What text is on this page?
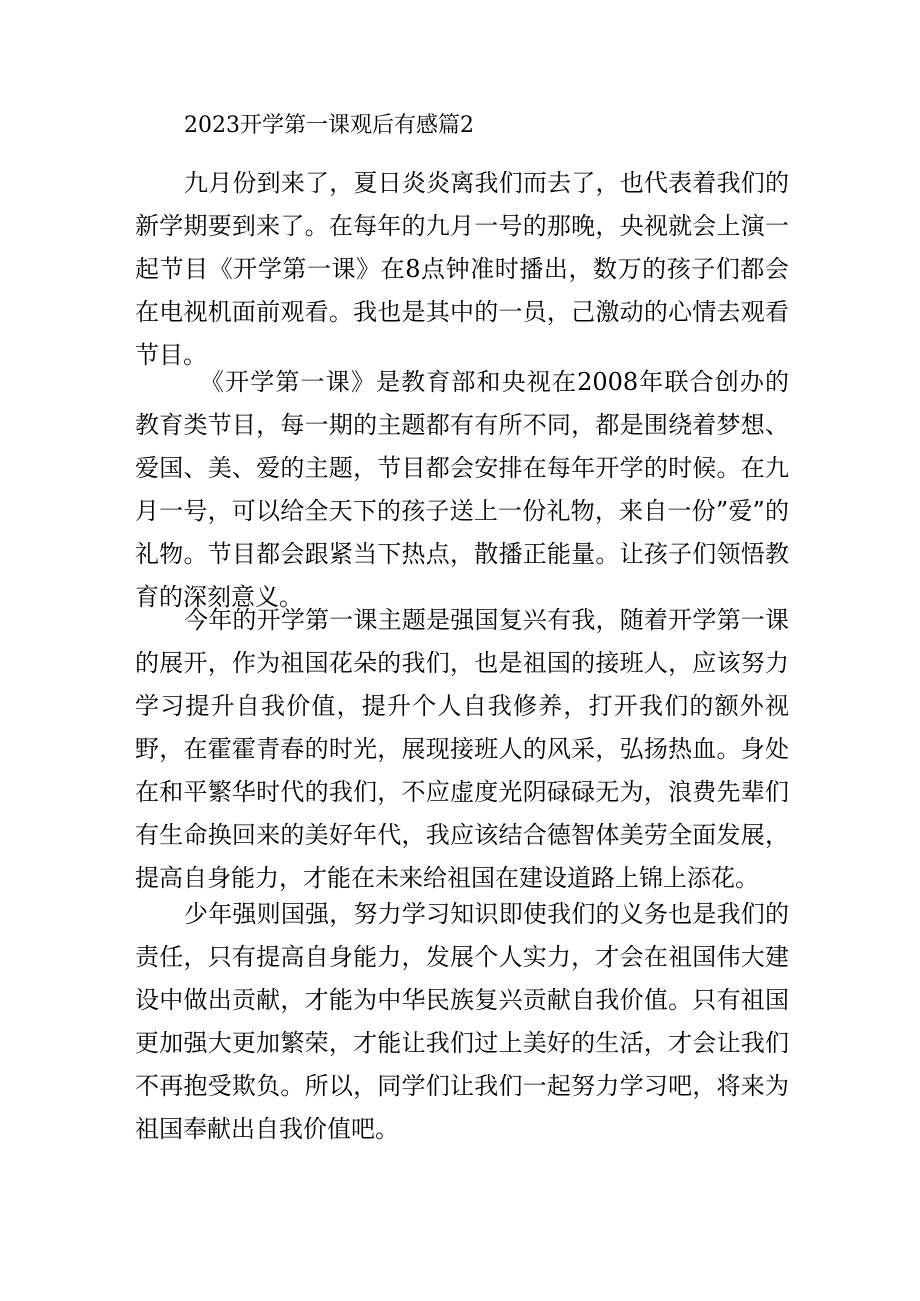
2023开学第一课观后有感篇2

九月份到来了，夏日炎炎离我们而去了，也代表着我们的新学期要到来了。在每年的九月一号的那晚，央视就会上演一起节目《开学第一课》在8点钟准时播出，数万的孩子们都会在电视机面前观看。我也是其中的一员，己激动的心情去观看节目。

《开学第一课》是教育部和央视在2008年联合创办的教育类节目，每一期的主题都有有所不同，都是围绕着梦想、爱国、美、爱的主题，节目都会安排在每年开学的时候。在九月一号，可以给全天下的孩子送上一份礼物，来自一份”爱”的礼物。节目都会跟紧当下热点，散播正能量。让孩子们领悟教育的深刻意义。

今年的开学第一课主题是强国复兴有我，随着开学第一课的展开，作为祖国花朵的我们，也是祖国的接班人，应该努力学习提升自我价值，提升个人自我修养，打开我们的额外视野，在霍霍青春的时光，展现接班人的风采，弘扬热血。身处在和平繁华时代的我们，不应虚度光阴碌碌无为，浪费先辈们有生命换回来的美好年代，我应该结合德智体美劳全面发展，提高自身能力，才能在未来给祖国在建设道路上锦上添花。

少年强则国强，努力学习知识即使我们的义务也是我们的责任，只有提高自身能力，发展个人实力，才会在祖国伟大建设中做出贡献，才能为中华民族复兴贡献自我价值。只有祖国更加强大更加繁荣，才能让我们过上美好的生活，才会让我们不再抱受欺负。所以，同学们让我们一起努力学习吧，将来为祖国奉献出自我价值吧。
